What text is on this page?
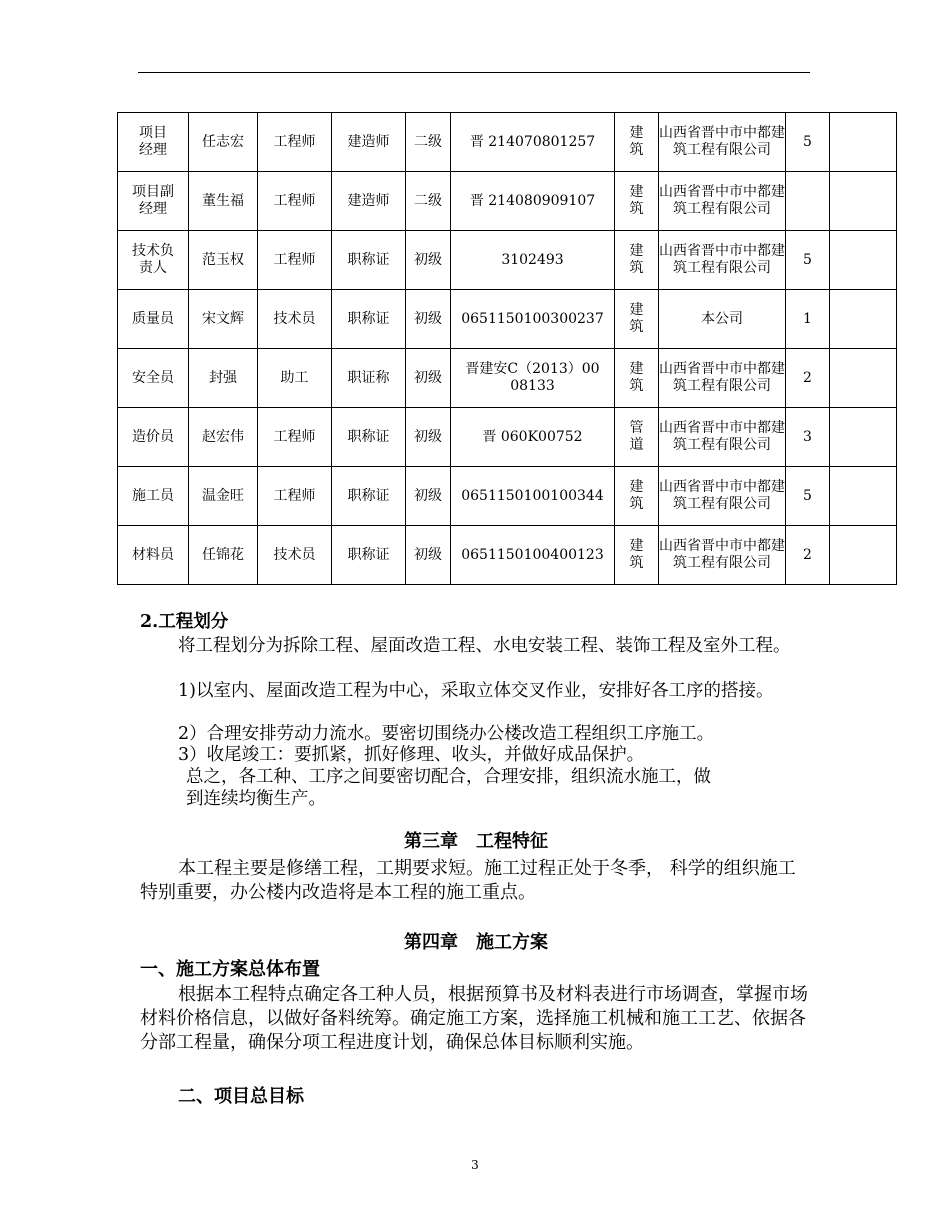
项目经理	任志宏	工程师	建造师	二级	晋 214070801257	建筑	山西省晋中市中都建筑工程有限公司	5	
项目副经理	董生福	工程师	建造师	二级	晋 214080909107	建筑	山西省晋中市中都建筑工程有限公司		
技术负责人	范玉权	工程师	职称证	初级	3102493	建筑	山西省晋中市中都建筑工程有限公司	5	
质量员	宋文辉	技术员	职称证	初级	0651150100300237	建筑	本公司	1	
安全员	封强	助工	职证称	初级	晋建安C（2013）0008133	建筑	山西省晋中市中都建筑工程有限公司	2	
造价员	赵宏伟	工程师	职称证	初级	晋 060K00752	管道	山西省晋中市中都建筑工程有限公司	3	
施工员	温金旺	工程师	职称证	初级	0651150100100344	建筑	山西省晋中市中都建筑工程有限公司	5	
材料员	任锦花	技术员	职称证	初级	0651150100400123	建筑	山西省晋中市中都建筑工程有限公司	2	
2.工程划分
将工程划分为拆除工程、屋面改造工程、水电安装工程、装饰工程及室外工程。
1)以室内、屋面改造工程为中心，采取立体交叉作业，安排好各工序的搭接。
2）合理安排劳动力流水。要密切围绕办公楼改造工程组织工序施工。
3）收尾竣工：要抓紧，抓好修理、收头，并做好成品保护。
总之，各工种、工序之间要密切配合，合理安排，组织流水施工，做
到连续均衡生产。
第三章　工程特征
本工程主要是修缮工程，工期要求短。施工过程正处于冬季， 科学的组织施工特别重要，办公楼内改造将是本工程的施工重点。
第四章　施工方案
一、施工方案总体布置
根据本工程特点确定各工种人员，根据预算书及材料表进行市场调查，掌握市场材料价格信息，以做好备料统筹。确定施工方案，选择施工机械和施工工艺、依据各分部工程量，确保分项工程进度计划，确保总体目标顺利实施。
二、项目总目标
3
